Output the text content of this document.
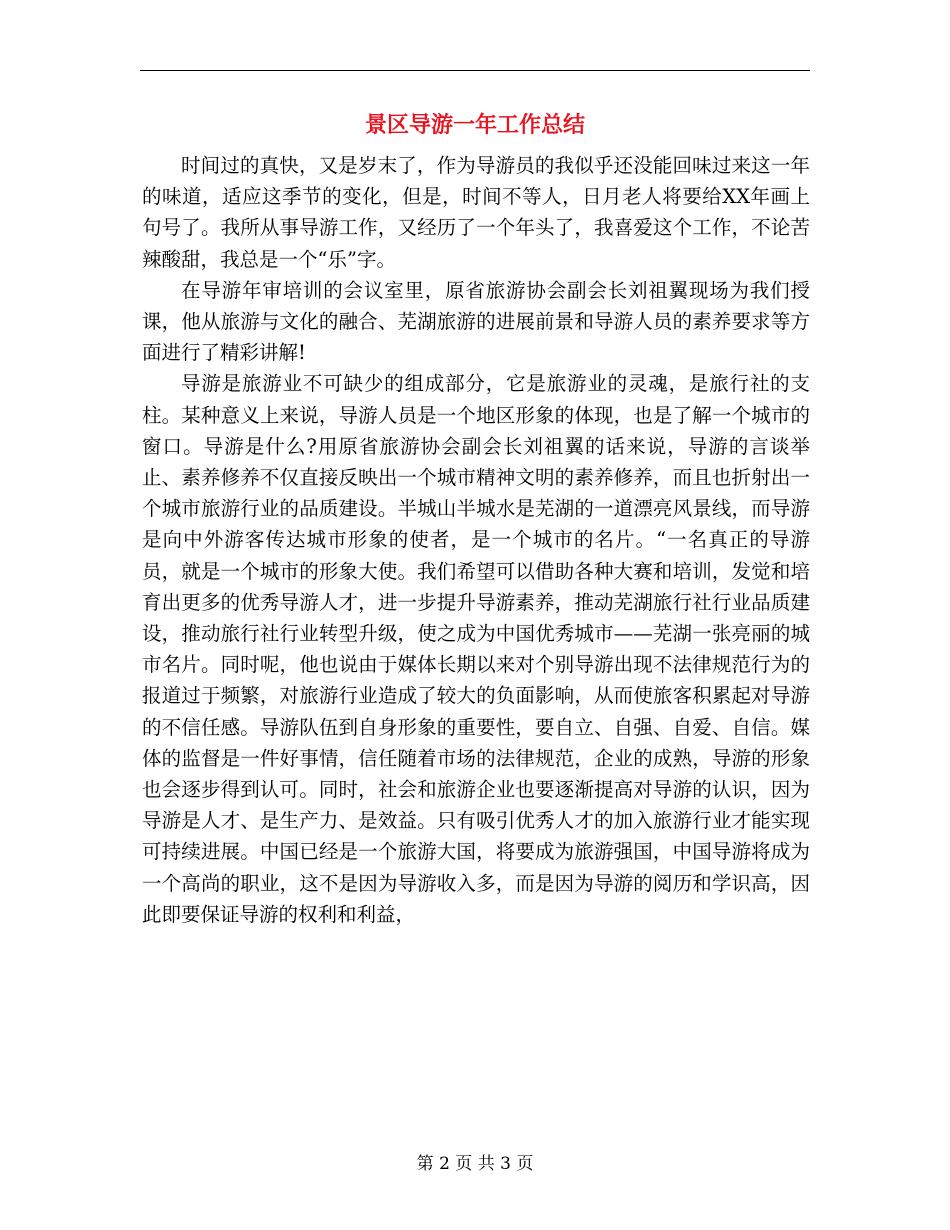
景区导游一年工作总结

时间过的真快，又是岁末了，作为导游员的我似乎还没能回味过来这一年的味道，适应这季节的变化，但是，时间不等人，日月老人将要给XX年画上句号了。我所从事导游工作，又经历了一个年头了，我喜爱这个工作，不论苦辣酸甜，我总是一个“乐”字。

在导游年审培训的会议室里，原省旅游协会副会长刘祖翼现场为我们授课，他从旅游与文化的融合、芜湖旅游的进展前景和导游人员的素养要求等方面进行了精彩讲解!

导游是旅游业不可缺少的组成部分，它是旅游业的灵魂，是旅行社的支柱。某种意义上来说，导游人员是一个地区形象的体现，也是了解一个城市的窗口。导游是什么?用原省旅游协会副会长刘祖翼的话来说，导游的言谈举止、素养修养不仅直接反映出一个城市精神文明的素养修养，而且也折射出一个城市旅游行业的品质建设。半城山半城水是芜湖的一道漂亮风景线，而导游是向中外游客传达城市形象的使者，是一个城市的名片。“一名真正的导游员，就是一个城市的形象大使。我们希望可以借助各种大赛和培训，发觉和培育出更多的优秀导游人才，进一步提升导游素养，推动芜湖旅行社行业品质建设，推动旅行社行业转型升级，使之成为中国优秀城市——芜湖一张亮丽的城市名片。同时呢，他也说由于媒体长期以来对个别导游出现不法律规范行为的报道过于频繁，对旅游行业造成了较大的负面影响，从而使旅客积累起对导游的不信任感。导游队伍到自身形象的重要性，要自立、自强、自爱、自信。媒体的监督是一件好事情，信任随着市场的法律规范，企业的成熟，导游的形象也会逐步得到认可。同时，社会和旅游企业也要逐渐提高对导游的认识，因为导游是人才、是生产力、是效益。只有吸引优秀人才的加入旅游行业才能实现可持续进展。中国已经是一个旅游大国，将要成为旅游强国，中国导游将成为一个高尚的职业，这不是因为导游收入多，而是因为导游的阅历和学识高，因此即要保证导游的权利和利益，

第 2 页 共 3 页
